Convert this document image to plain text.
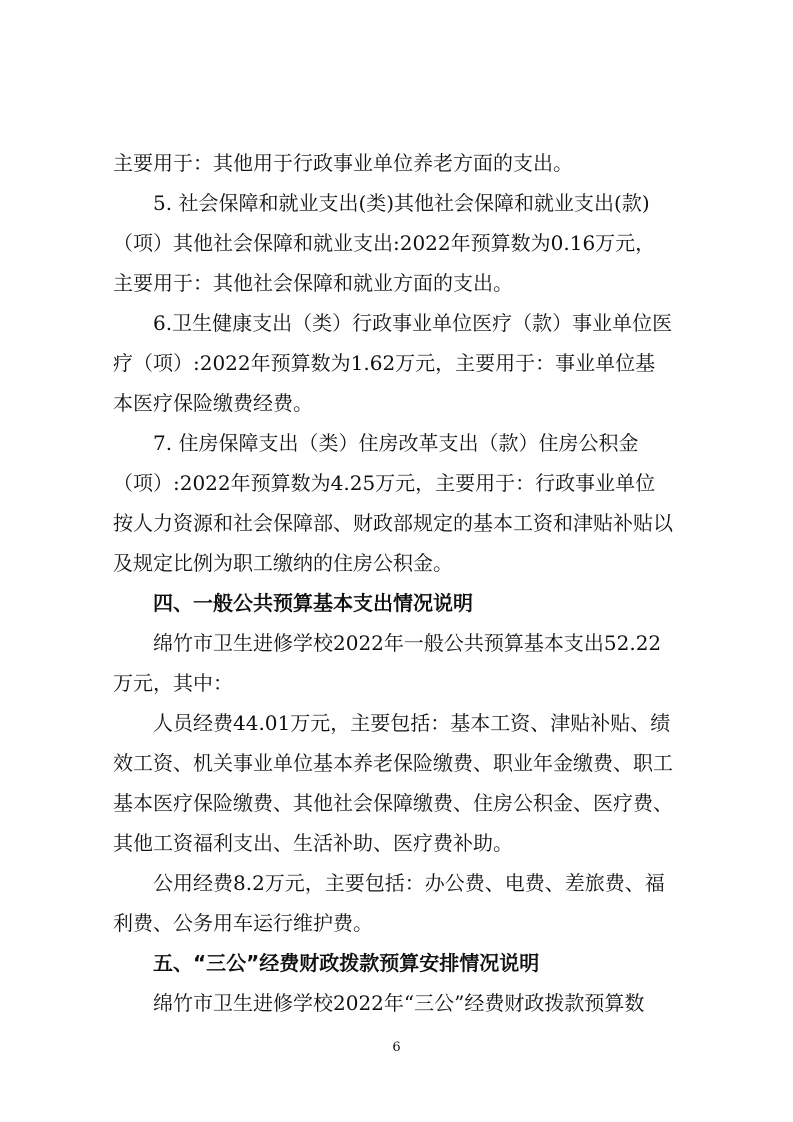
主要用于：其他用于行政事业单位养老方面的支出。
5. 社会保障和就业支出(类)其他社会保障和就业支出(款)
（项）其他社会保障和就业支出:2022年预算数为0.16万元，
主要用于：其他社会保障和就业方面的支出。
6.卫生健康支出（类）行政事业单位医疗（款）事业单位医
疗（项）:2022年预算数为1.62万元，主要用于：事业单位基
本医疗保险缴费经费。
7. 住房保障支出（类）住房改革支出（款）住房公积金
（项）:2022年预算数为4.25万元，主要用于：行政事业单位
按人力资源和社会保障部、财政部规定的基本工资和津贴补贴以
及规定比例为职工缴纳的住房公积金。
四、一般公共预算基本支出情况说明
绵竹市卫生进修学校2022年一般公共预算基本支出52.22
万元，其中：
人员经费44.01万元，主要包括：基本工资、津贴补贴、绩
效工资、机关事业单位基本养老保险缴费、职业年金缴费、职工
基本医疗保险缴费、其他社会保障缴费、住房公积金、医疗费、
其他工资福利支出、生活补助、医疗费补助。
公用经费8.2万元，主要包括：办公费、电费、差旅费、福
利费、公务用车运行维护费。
五、“三公”经费财政拨款预算安排情况说明
绵竹市卫生进修学校2022年“三公”经费财政拨款预算数
6
